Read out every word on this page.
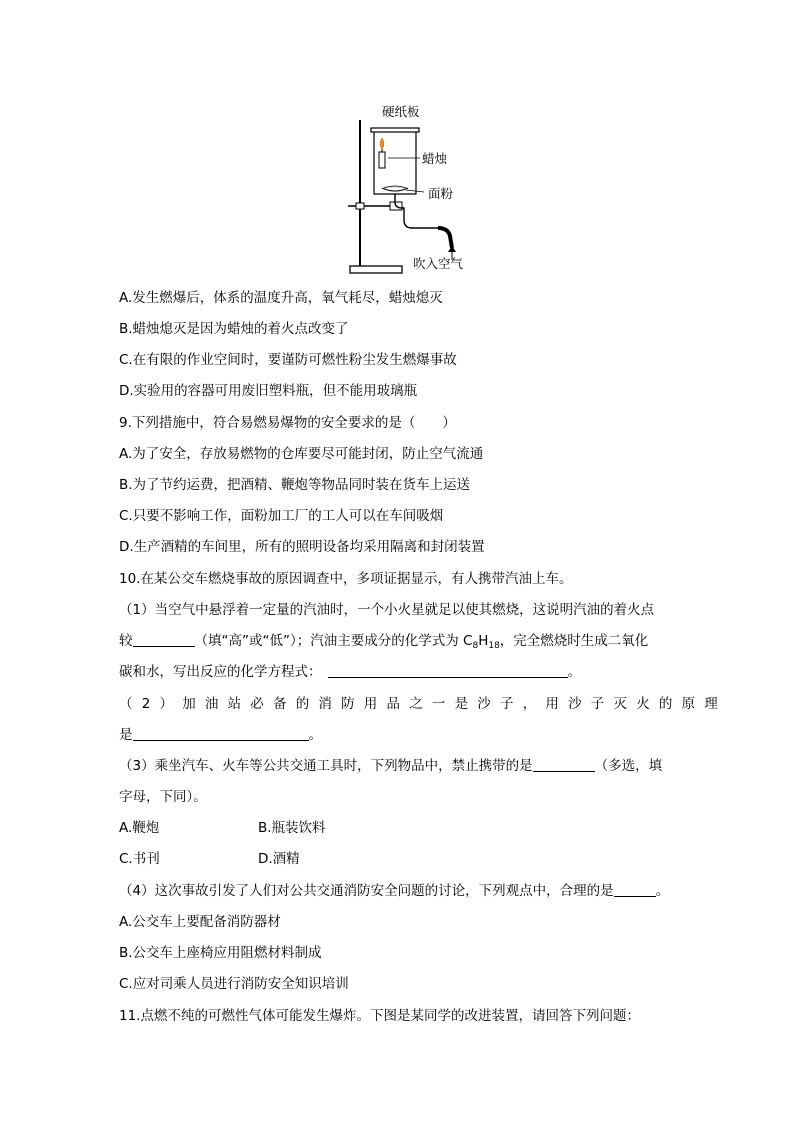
硬纸板
蜡烛
面粉
吹入空气
A.发生燃爆后，体系的温度升高，氧气耗尽，蜡烛熄灭
B.蜡烛熄灭是因为蜡烛的着火点改变了
C.在有限的作业空间时，要谨防可燃性粉尘发生燃爆事故
D.实验用的容器可用废旧塑料瓶，但不能用玻璃瓶
9.下列措施中，符合易燃易爆物的安全要求的是（　　）
A.为了安全，存放易燃物的仓库要尽可能封闭，防止空气流通
B.为了节约运费，把酒精、鞭炮等物品同时装在货车上运送
C.只要不影响工作，面粉加工厂的工人可以在车间吸烟
D.生产酒精的车间里，所有的照明设备均采用隔离和封闭装置
10.在某公交车燃烧事故的原因调查中，多项证据显示，有人携带汽油上车。
（1）当空气中悬浮着一定量的汽油时，一个小火星就足以使其燃烧，这说明汽油的着火点
较	（填“高”或“低”）；汽油主要成分的化学式为 $C_8H_{18}$，完全燃烧时生成二氧化
碳和水，写出反应的化学方程式：	。
（2）加油站必备的消防用品之一是沙子，用沙子灭火的原理
是	。
（3）乘坐汽车、火车等公共交通工具时，下列物品中，禁止携带的是	（多选，填
字母，下同）。
A.鞭炮	B.瓶装饮料
C.书刊	D.酒精
（4）这次事故引发了人们对公共交通消防安全问题的讨论，下列观点中，合理的是	。
A.公交车上要配备消防器材
B.公交车上座椅应用阻燃材料制成
C.应对司乘人员进行消防安全知识培训
11.点燃不纯的可燃性气体可能发生爆炸。下图是某同学的改进装置，请回答下列问题：
